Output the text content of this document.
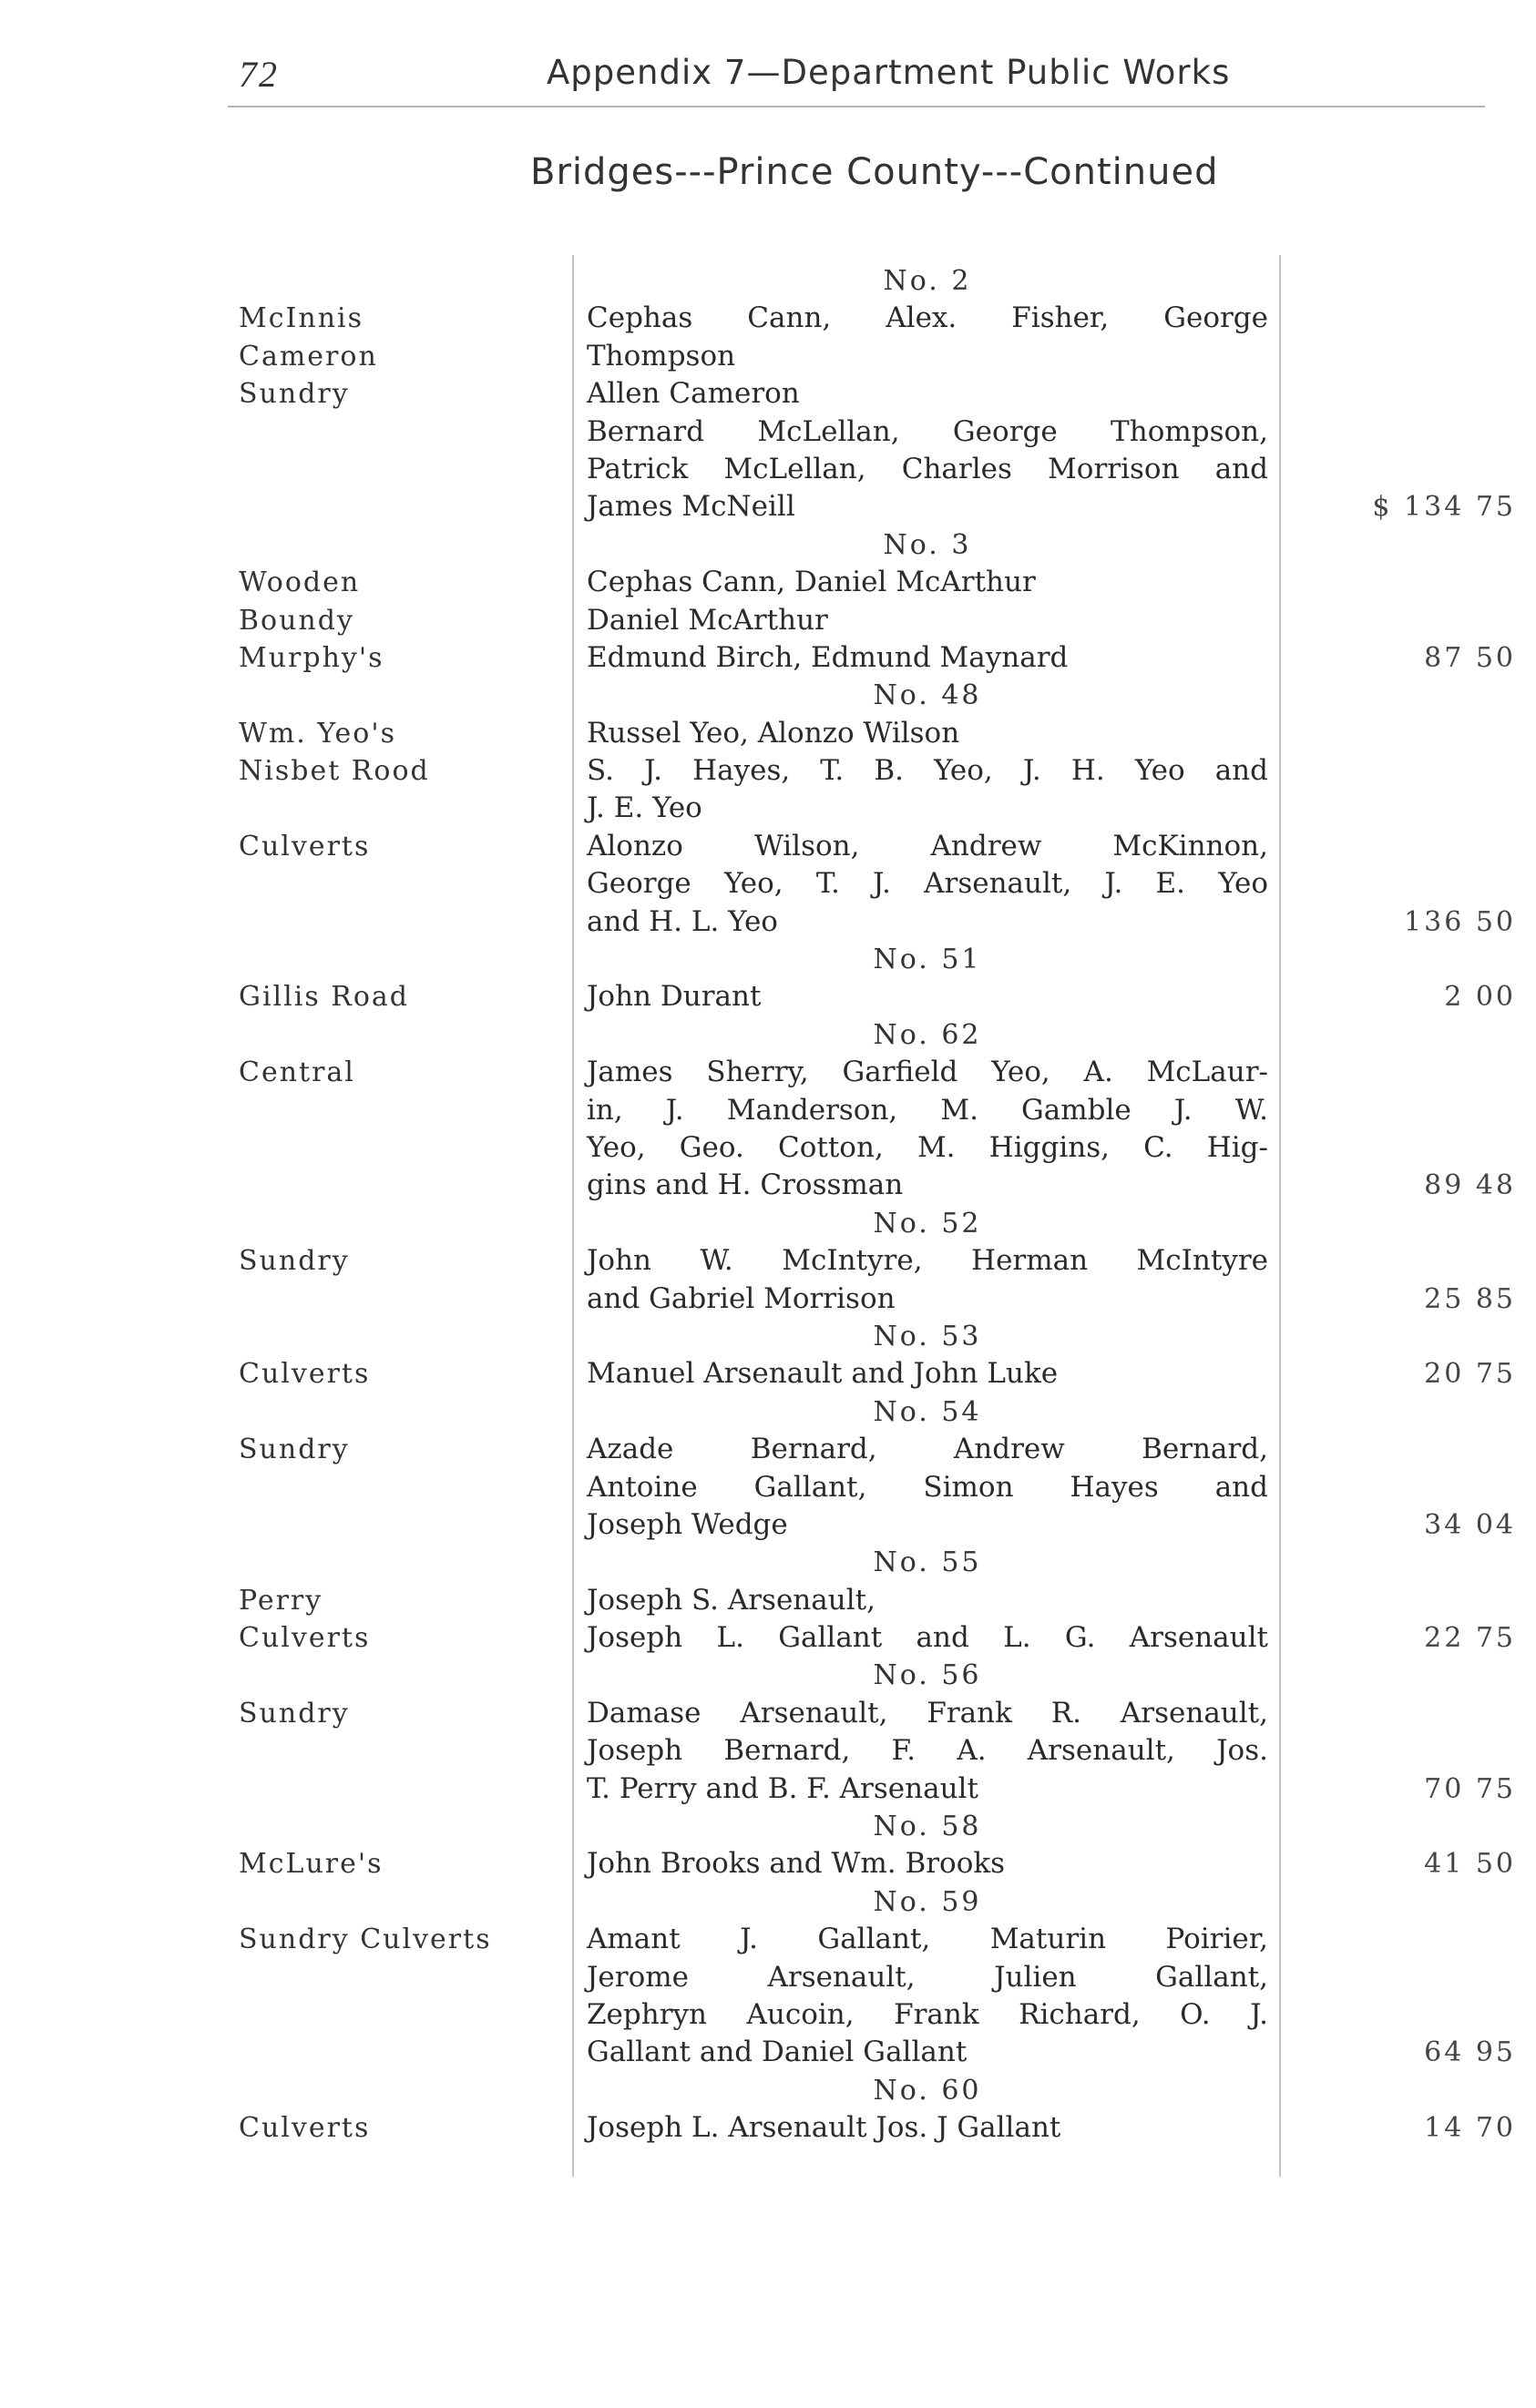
72	Appendix 7—Department Public Works
Bridges---Prince County---Continued
No. 2
McInnis	Cephas Cann, Alex. Fisher, George
Cameron	Thompson
Sundry	Allen Cameron
Bernard McLellan, George Thompson,
Patrick McLellan, Charles Morrison and
James McNeill	$ 134 75
No. 3
Wooden	Cephas Cann, Daniel McArthur
Boundy	Daniel McArthur
Murphy's	Edmund Birch, Edmund Maynard	87 50
No. 48
Wm. Yeo's	Russel Yeo, Alonzo Wilson
Nisbet Rood	S. J. Hayes, T. B. Yeo, J. H. Yeo and
J. E. Yeo
Culverts	Alonzo Wilson, Andrew McKinnon,
George Yeo, T. J. Arsenault, J. E. Yeo
and H. L. Yeo	136 50
No. 51
Gillis Road	John Durant	2 00
No. 62
Central	James Sherry, Garfield Yeo, A. McLaur-
in, J. Manderson, M. Gamble J. W.
Yeo, Geo. Cotton, M. Higgins, C. Hig-
gins and H. Crossman	89 48
No. 52
Sundry	John W. McIntyre, Herman McIntyre
and Gabriel Morrison	25 85
No. 53
Culverts	Manuel Arsenault and John Luke	20 75
No. 54
Sundry	Azade Bernard, Andrew Bernard,
Antoine Gallant, Simon Hayes and
Joseph Wedge	34 04
No. 55
Perry	Joseph S. Arsenault,
Culverts	Joseph L. Gallant and L. G. Arsenault	22 75
No. 56
Sundry	Damase Arsenault, Frank R. Arsenault,
Joseph Bernard, F. A. Arsenault, Jos.
T. Perry and B. F. Arsenault	70 75
No. 58
McLure's	John Brooks and Wm. Brooks	41 50
No. 59
Sundry Culverts	Amant J. Gallant, Maturin Poirier,
Jerome Arsenault, Julien Gallant,
Zephryn Aucoin, Frank Richard, O. J.
Gallant and Daniel Gallant	64 95
No. 60
Culverts	Joseph L. Arsenault Jos. J Gallant	14 70
